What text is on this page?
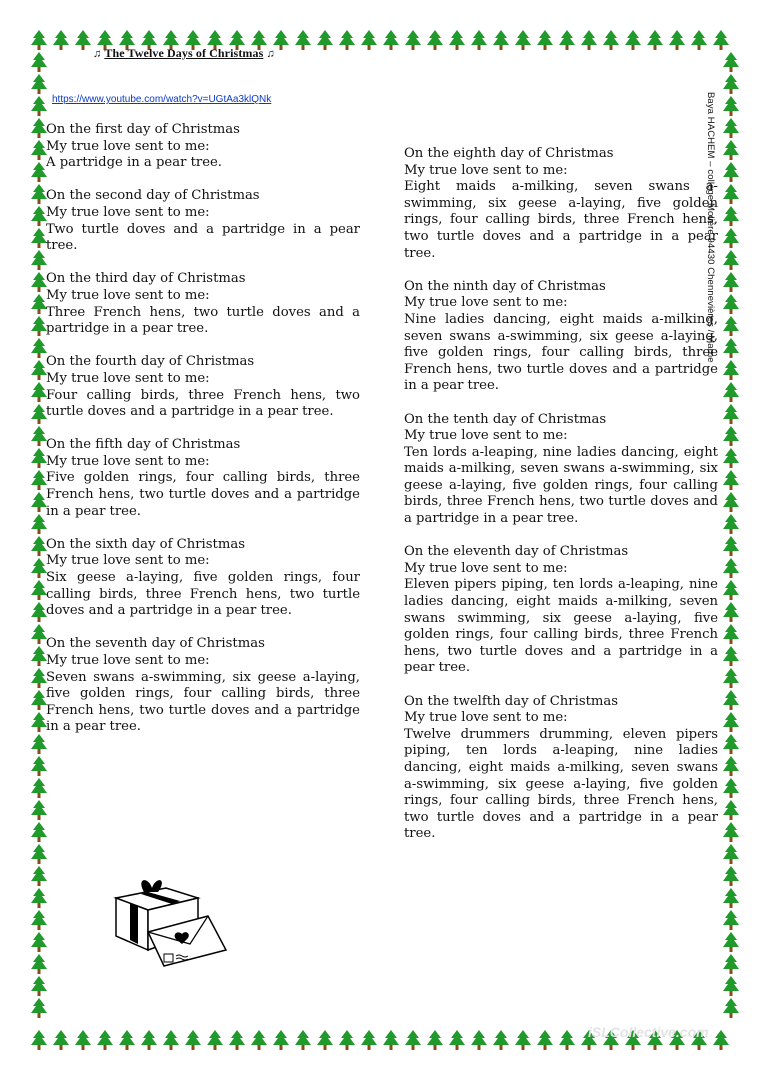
♫ The Twelve Days of Christmas ♫
https://www.youtube.com/watch?v=UGtAa3klQNk

On the first day of Christmas

My true love sent to me:

A partridge in a pear tree.

On the second day of Christmas

My true love sent to me:

Two turtle doves and a partridge in a pear tree.

On the third day of Christmas

My true love sent to me:

Three French hens, two turtle doves and a partridge in a pear tree.

On the fourth day of Christmas

My true love sent to me:

Four calling birds, three French hens, two turtle doves and a partridge in a pear tree.

On the fifth day of Christmas

My true love sent to me:

Five golden rings, four calling birds, three French hens, two turtle doves and a partridge in a pear tree.

On the sixth day of Christmas

My true love sent to me:

Six geese a-laying, five golden rings, four calling birds, three French hens, two turtle doves and a partridge in a pear tree.

On the seventh day of Christmas

My true love sent to me:

Seven swans a-swimming, six geese a-laying, five golden rings, four calling birds, three French hens, two turtle doves and a partridge in a pear tree.

On the eighth day of Christmas

My true love sent to me:

Eight maids a-milking, seven swans a-swimming, six geese a-laying, five golden rings, four calling birds, three French hens, two turtle doves and a partridge in a pear tree.

On the ninth day of Christmas

My true love sent to me:

Nine ladies dancing, eight maids a-milking, seven swans a-swimming, six geese a-laying, five golden rings, four calling birds, three French hens, two turtle doves and a partridge in a pear tree.

On the tenth day of Christmas

My true love sent to me:

Ten lords a-leaping, nine ladies dancing, eight maids a-milking, seven swans a-swimming, six geese a-laying, five golden rings, four calling birds, three French hens, two turtle doves and a partridge in a pear tree.

On the eleventh day of Christmas

My true love sent to me:

Eleven pipers piping, ten lords a-leaping, nine ladies dancing, eight maids a-milking, seven swans swimming, six geese a-laying, five golden rings, four calling birds, three French hens, two turtle doves and a partridge in a pear tree.

On the twelfth day of Christmas

My true love sent to me:

Twelve drummers drumming, eleven pipers piping, ten lords a-leaping, nine ladies dancing, eight maids a-milking, seven swans a-swimming, six geese a-laying, five golden rings, four calling birds, three French hens, two turtle doves and a partridge in a pear tree.

Baya HACHEM – collège Molière 94430 Chennevières / Marne
iSLCollective.com
